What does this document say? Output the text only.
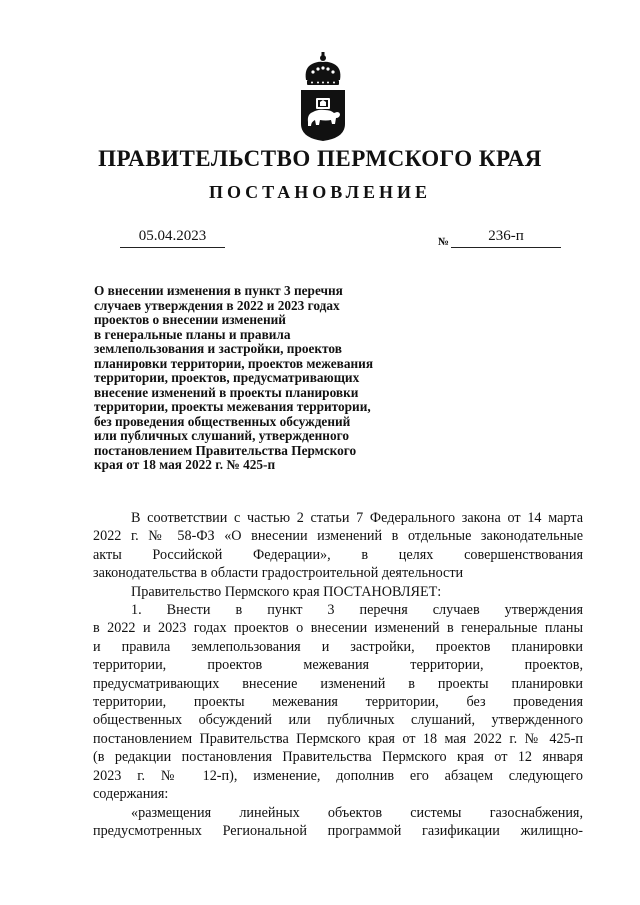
ПРАВИТЕЛЬСТВО ПЕРМСКОГО КРАЯ
ПОСТАНОВЛЕНИЕ
05.04.2023	№	236-п
О внесении изменения в пункт 3 перечня
случаев утверждения в 2022 и 2023 годах
проектов о внесении изменений
в генеральные планы и правила
землепользования и застройки, проектов
планировки территории, проектов межевания
территории, проектов, предусматривающих
внесение изменений в проекты планировки
территории, проекты межевания территории,
без проведения общественных обсуждений
или публичных слушаний, утвержденного
постановлением Правительства Пермского
края от 18 мая 2022 г. № 425-п

В соответствии с частью 2 статьи 7 Федерального закона от 14 марта

2022 г. № 58-ФЗ «О внесении изменений в отдельные законодательные

акты Российской Федерации», в целях совершенствования

законодательства в области градостроительной деятельности

Правительство Пермского края ПОСТАНОВЛЯЕТ:

1. Внести в пункт 3 перечня случаев утверждения

в 2022 и 2023 годах проектов о внесении изменений в генеральные планы

и правила землепользования и застройки, проектов планировки

территории, проектов межевания территории, проектов,

предусматривающих внесение изменений в проекты планировки

территории, проекты межевания территории, без проведения

общественных обсуждений или публичных слушаний, утвержденного

постановлением Правительства Пермского края от 18 мая 2022 г. № 425-п

(в редакции постановления Правительства Пермского края от 12 января

2023 г. № 12-п), изменение, дополнив его абзацем следующего

содержания:

«размещения линейных объектов системы газоснабжения,

предусмотренных Региональной программой газификации жилищно-
